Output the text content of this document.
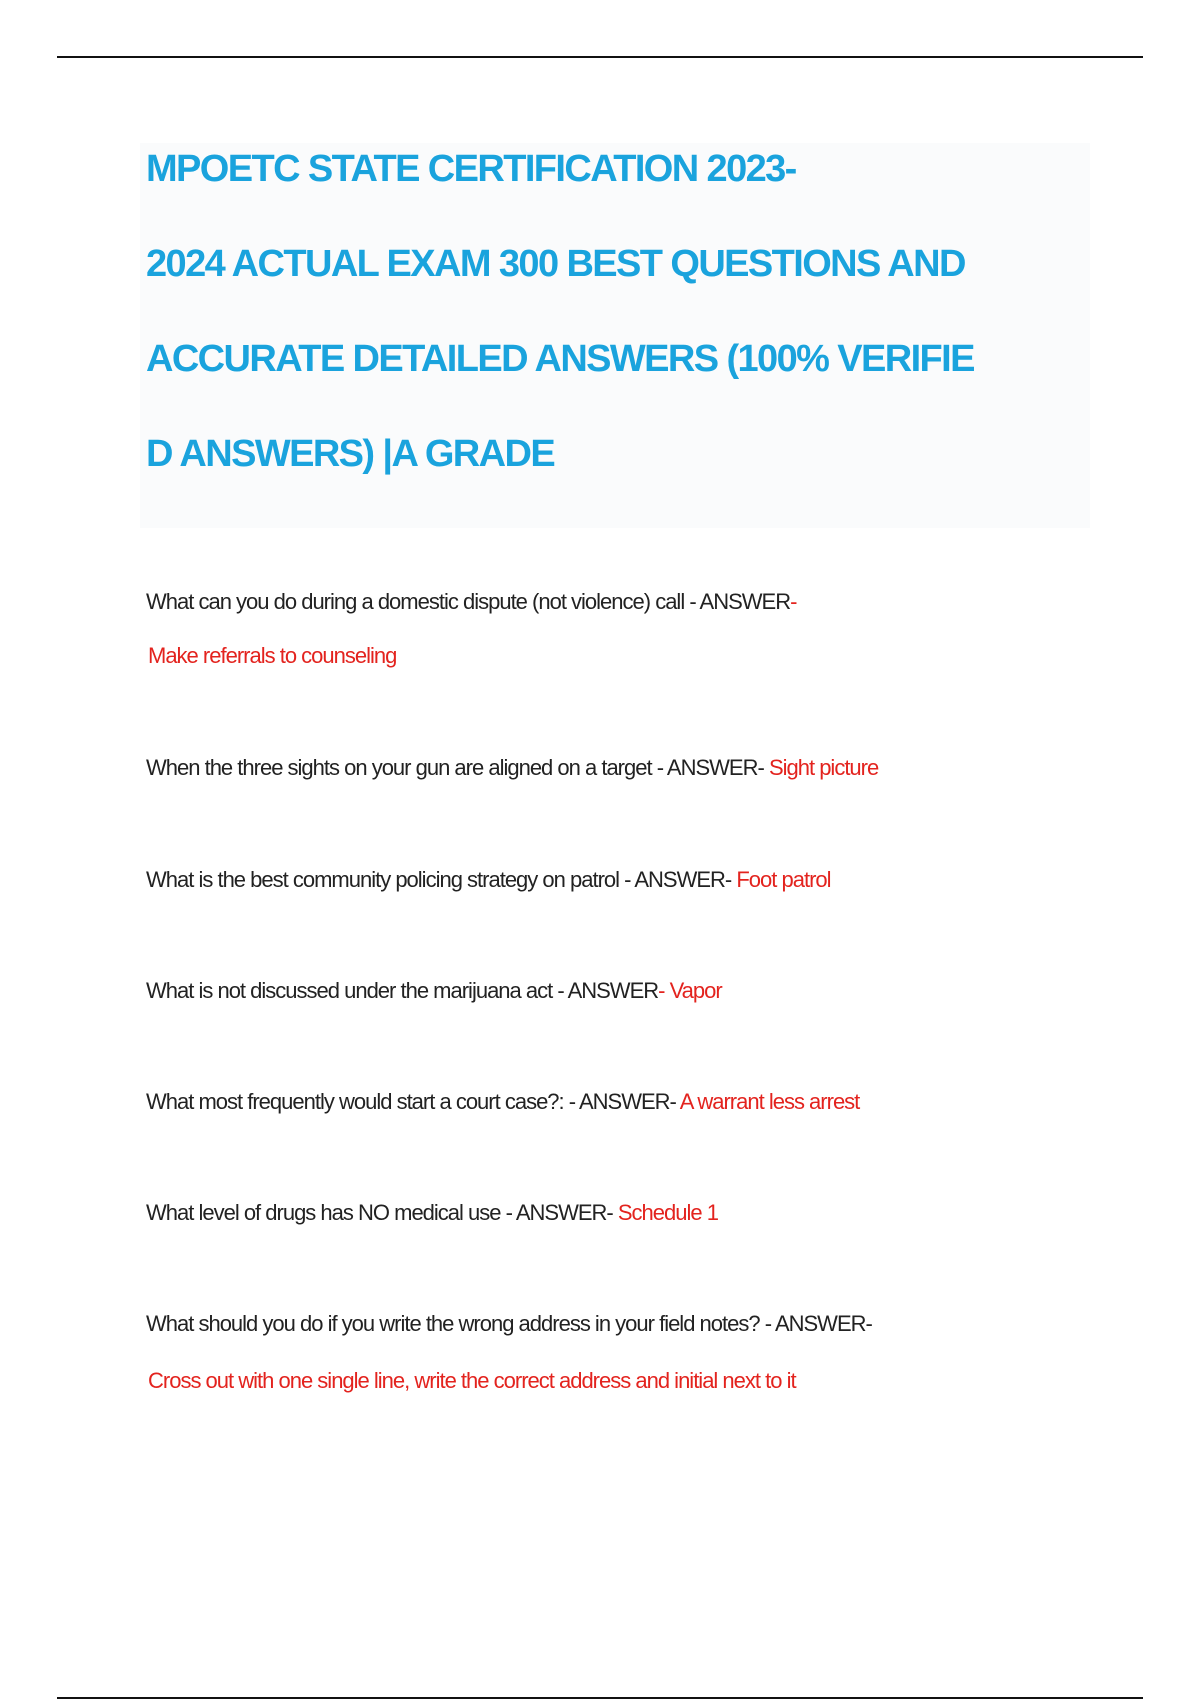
MPOETC STATE CERTIFICATION 2023-
2024 ACTUAL EXAM 300 BEST QUESTIONS AND
ACCURATE DETAILED ANSWERS (100% VERIFIE
D ANSWERS) |A GRADE

What can you do during a domestic dispute (not violence) call - ANSWER-

Make referrals to counseling

When the three sights on your gun are aligned on a target - ANSWER- Sight picture

What is the best community policing strategy on patrol - ANSWER- Foot patrol

What is not discussed under the marijuana act - ANSWER- Vapor

What most frequently would start a court case?: - ANSWER- A warrant less arrest

What level of drugs has NO medical use - ANSWER- Schedule 1

What should you do if you write the wrong address in your field notes? - ANSWER-

Cross out with one single line, write the correct address and initial next to it
